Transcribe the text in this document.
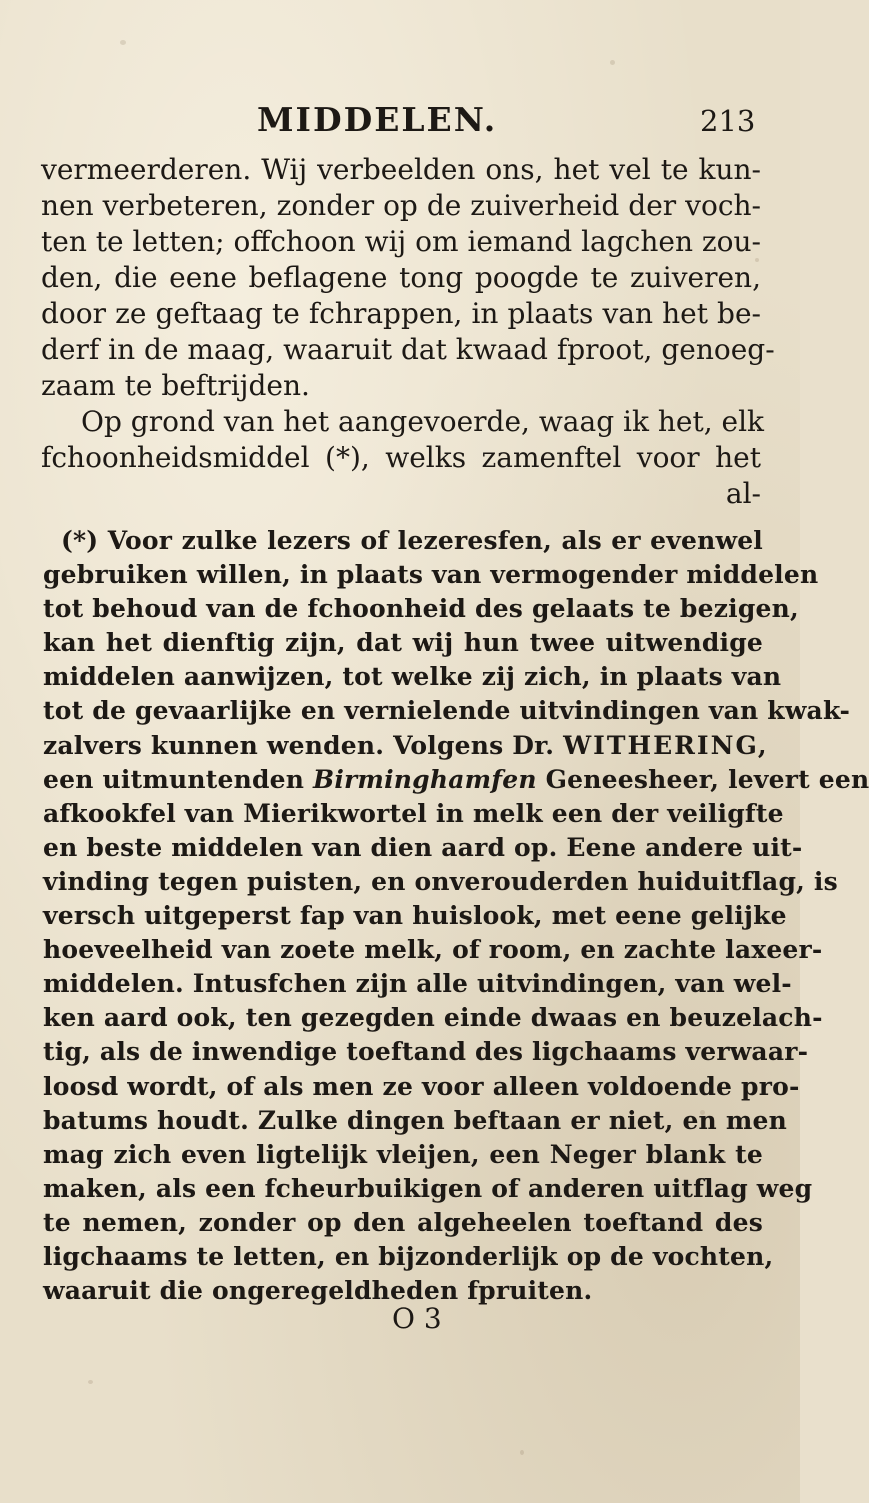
MIDDELEN.	213
vermeerderen. Wij verbeelden ons, het vel te kun-
nen verbeteren, zonder op de zuiverheid der voch-
ten te letten; offchoon wij om iemand lagchen zou-
den, die eene beflagene tong poogde te zuiveren,
door ze geftaag te fchrappen, in plaats van het be-
derf in de maag, waaruit dat kwaad fproot, genoeg-
zaam te beftrijden.
Op grond van het aangevoerde, waag ik het, elk
fchoonheidsmiddel (*), welks zamenftel voor het
al-
(*) Voor zulke lezers of lezeresfen, als er evenwel
gebruiken willen, in plaats van vermogender middelen
tot behoud van de fchoonheid des gelaats te bezigen,
kan het dienftig zijn, dat wij hun twee uitwendige
middelen aanwijzen, tot welke zij zich, in plaats van
tot de gevaarlijke en vernielende uitvindingen van kwak-
zalvers kunnen wenden. Volgens Dr. WITHERING,
een uitmuntenden Birminghamfen Geneesheer, levert een
afkookfel van Mierikwortel in melk een der veiligfte
en beste middelen van dien aard op. Eene andere uit-
vinding tegen puisten, en onverouderden huiduitflag, is
versch uitgeperst fap van huislook, met eene gelijke
hoeveelheid van zoete melk, of room, en zachte laxeer-
middelen. Intusfchen zijn alle uitvindingen, van wel-
ken aard ook, ten gezegden einde dwaas en beuzelach-
tig, als de inwendige toeftand des ligchaams verwaar-
loosd wordt, of als men ze voor alleen voldoende pro-
batums houdt. Zulke dingen beftaan er niet, en men
mag zich even ligtelijk vleijen, een Neger blank te
maken, als een fcheurbuikigen of anderen uitflag weg
te nemen, zonder op den algeheelen toeftand des
ligchaams te letten, en bijzonderlijk op de vochten,
waaruit die ongeregeldheden fpruiten.
O 3
